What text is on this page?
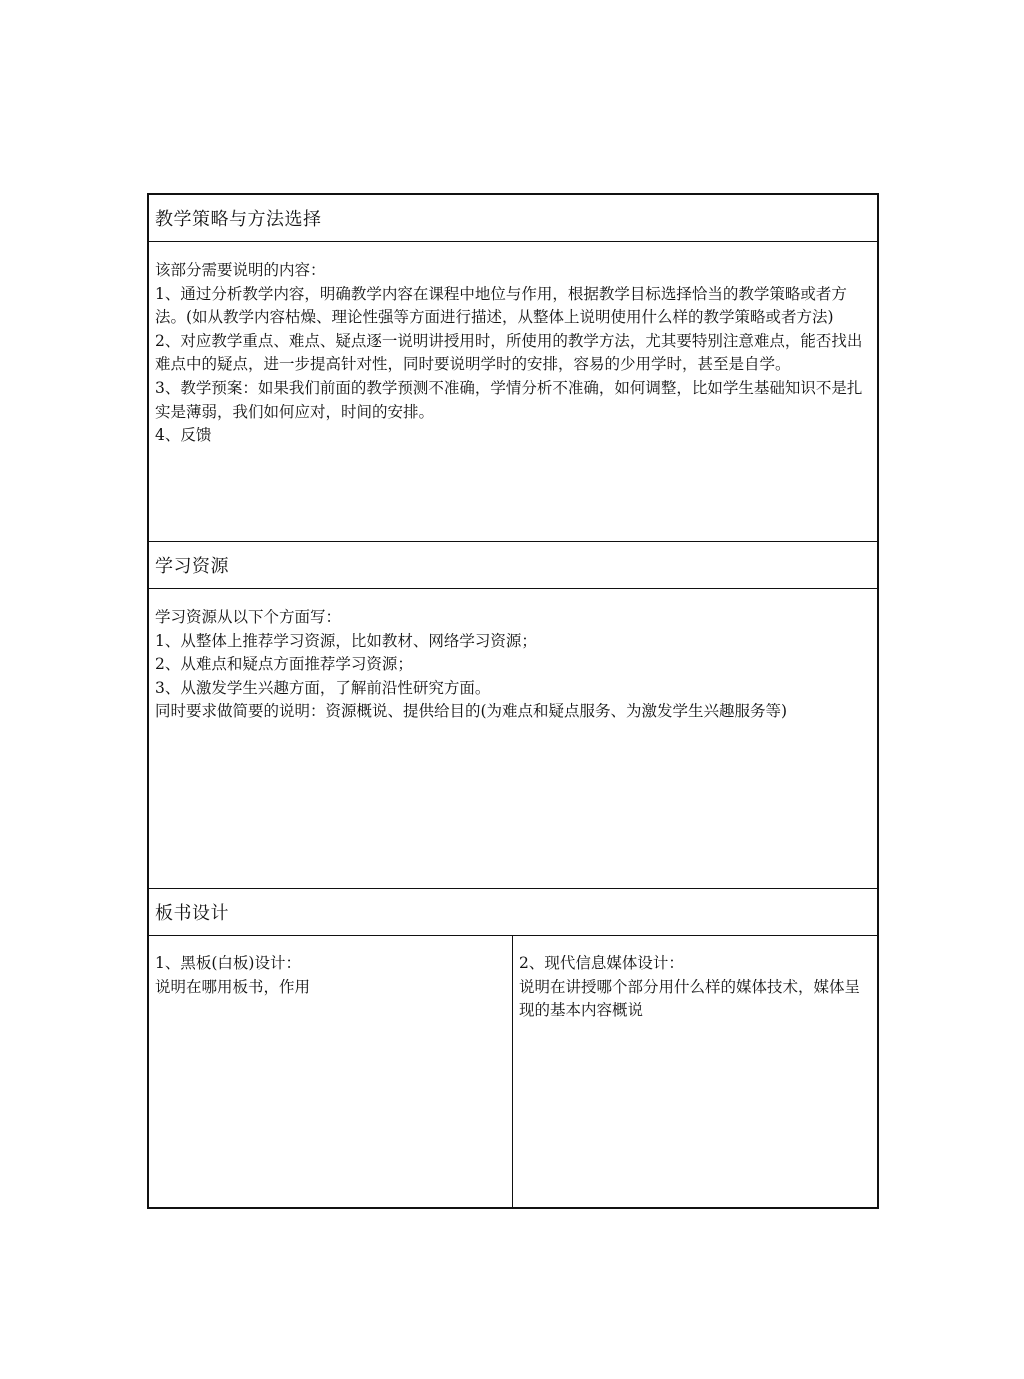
教学策略与方法选择

该部分需要说明的内容：

1、通过分析教学内容，明确教学内容在课程中地位与作用，根据教学目标选择恰当的教学策略或者方法。(如从教学内容枯燥、理论性强等方面进行描述，从整体上说明使用什么样的教学策略或者方法)

2、对应教学重点、难点、疑点逐一说明讲授用时，所使用的教学方法，尤其要特别注意难点，能否找出难点中的疑点，进一步提高针对性，同时要说明学时的安排，容易的少用学时，甚至是自学。

3、教学预案：如果我们前面的教学预测不准确，学情分析不准确，如何调整，比如学生基础知识不是扎实是薄弱，我们如何应对，时间的安排。

4、反馈

学习资源

学习资源从以下个方面写：

1、从整体上推荐学习资源，比如教材、网络学习资源；

2、从难点和疑点方面推荐学习资源；

3、从激发学生兴趣方面，了解前沿性研究方面。

同时要求做简要的说明：资源概说、提供给目的(为难点和疑点服务、为激发学生兴趣服务等)

板书设计

1、黑板(白板)设计：

说明在哪用板书，作用

2、现代信息媒体设计：

说明在讲授哪个部分用什么样的媒体技术，媒体呈现的基本内容概说
